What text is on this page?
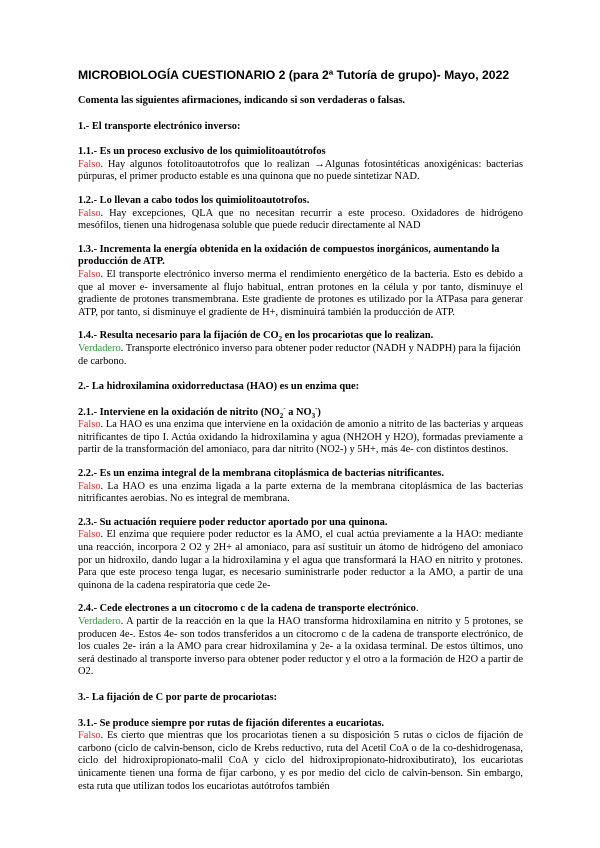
MICROBIOLOGÍA CUESTIONARIO 2 (para 2ª Tutoría de grupo)- Mayo, 2022
Comenta las siguientes afirmaciones, indicando si son verdaderas o falsas.
1.- El transporte electrónico inverso:
1.1.- Es un proceso exclusivo de los quimiolitoautótrofos
Falso. Hay algunos fotolitoautotrofos que lo realizan →Algunas fotosintéticas anoxigénicas: bacterias púrpuras, el primer producto estable es una quinona que no puede sintetizar NAD.
1.2.- Lo llevan a cabo todos los quimiolitoautotrofos.
Falso. Hay excepciones, QLA que no necesitan recurrir a este proceso. Oxidadores de hidrógeno mesófilos, tienen una hidrogenasa soluble que puede reducir directamente al NAD
1.3.- Incrementa la energía obtenida en la oxidación de compuestos inorgánicos, aumentando la producción de ATP.
Falso. El transporte electrónico inverso merma el rendimiento energético de la bacteria. Esto es debido a que al mover e- inversamente al flujo habitual, entran protones en la célula y por tanto, disminuye el gradiente de protones transmembrana. Este gradiente de protones es utilizado por la ATPasa para generar ATP, por tanto, si disminuye el gradiente de H+, disminuirá también la producción de ATP.
1.4.- Resulta necesario para la fijación de $CO_2$ en los procariotas que lo realizan.
Verdadero. Transporte electrónico inverso para obtener poder reductor (NADH y NADPH) para la fijación de carbono.
2.- La hidroxilamina oxidorreductasa (HAO) es un enzima que:
2.1.- Interviene en la oxidación de nitrito ($NO_2^-$ a $NO_3^-$)
Falso. La HAO es una enzima que interviene en la oxidación de amonio a nitrito de las bacterias y arqueas nitrificantes de tipo I. Actúa oxidando la hidroxilamina y agua (NH2OH y H2O), formadas previamente a partir de la transformación del amoniaco, para dar nitrito (NO2-) y 5H+, más 4e- con distintos destinos.
2.2.- Es un enzima integral de la membrana citoplásmica de bacterias nitrificantes.
Falso. La HAO es una enzima ligada a la parte externa de la membrana citoplásmica de las bacterias nitrificantes aerobias. No es integral de membrana.
2.3.- Su actuación requiere poder reductor aportado por una quinona.
Falso. El enzima que requiere poder reductor es la AMO, el cual actúa previamente a la HAO: mediante una reacción, incorpora 2 O2 y 2H+ al amoniaco, para así sustituir un átomo de hidrógeno del amoniaco por un hidroxilo, dando lugar a la hidroxilamina y el agua que transformará la HAO en nitrito y protones. Para que este proceso tenga lugar, es necesario suministrarle poder reductor a la AMO, a partir de una quinona de la cadena respiratoria que cede 2e-
2.4.- Cede electrones a un citocromo c de la cadena de transporte electrónico.
Verdadero. A partir de la reacción en la que la HAO transforma hidroxilamina en nitrito y 5 protones, se producen 4e-. Estos 4e- son todos transferidos a un citocromo c de la cadena de transporte electrónico, de los cuales 2e- irán a la AMO para crear hidroxilamina y 2e- a la oxidasa terminal. De estos últimos, uno será destinado al transporte inverso para obtener poder reductor y el otro a la formación de H2O a partir de O2.
3.- La fijación de C por parte de procariotas:
3.1.- Se produce siempre por rutas de fijación diferentes a eucariotas.
Falso. Es cierto que mientras que los procariotas tienen a su disposición 5 rutas o ciclos de fijación de carbono (ciclo de calvin-benson, ciclo de Krebs reductivo, ruta del Acetil CoA o de la co-deshidrogenasa, ciclo del hidroxipropionato-malil CoA y ciclo del hidroxipropionato-hidroxibutirato), los eucariotas únicamente tienen una forma de fijar carbono, y es por medio del ciclo de calvin-benson. Sin embargo, esta ruta que utilizan todos los eucariotas autótrofos también
